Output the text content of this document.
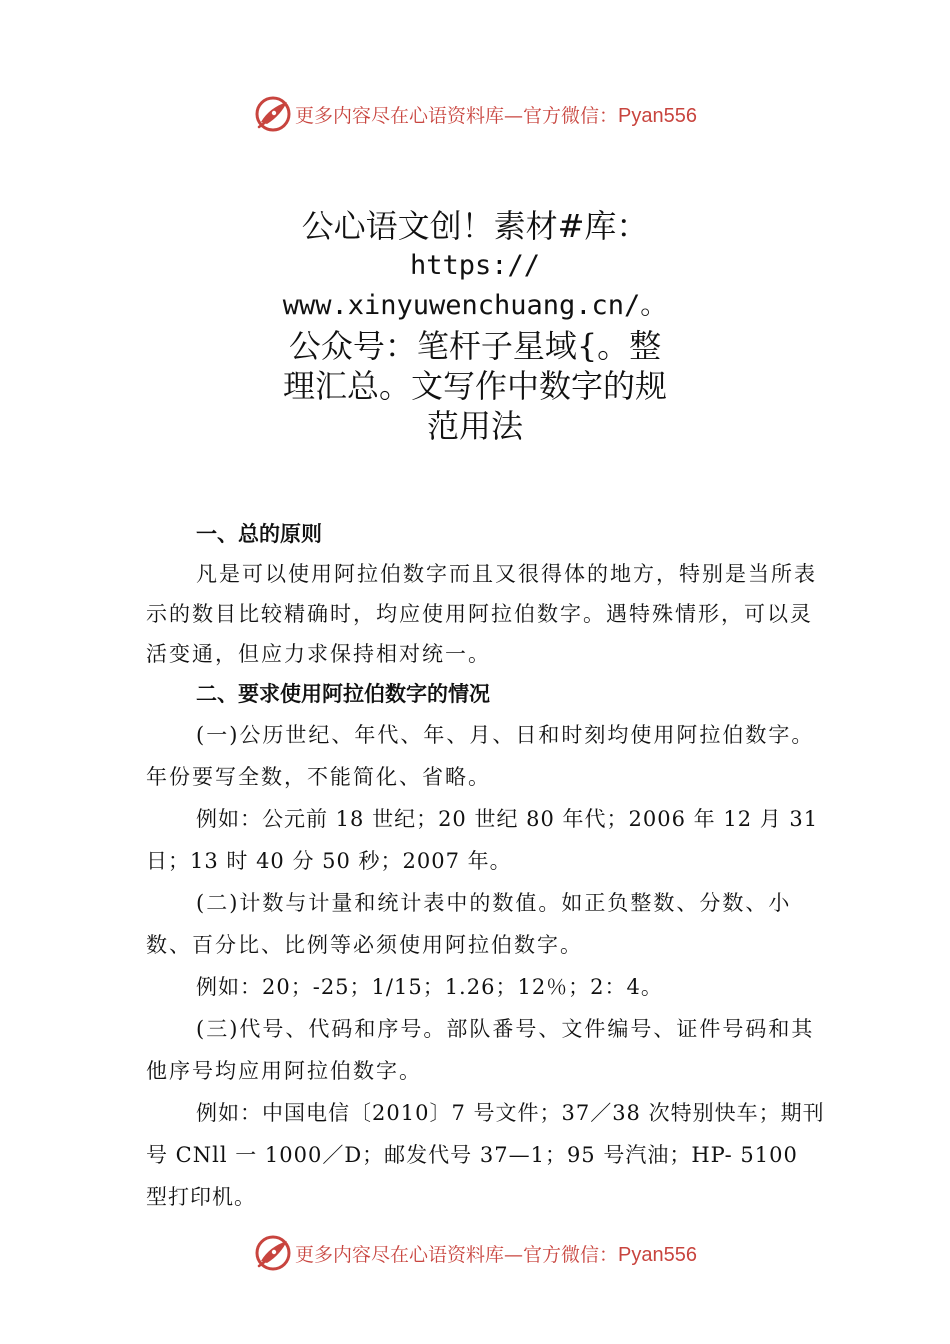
更多内容尽在心语资料库—官方微信：Pyan556
公心语文创！素材#库：
https://
www.xinyuwenchuang.cn/。
公众号：笔杆子星域{。整
理汇总。文写作中数字的规
范用法
一、总的原则

凡是可以使用阿拉伯数字而且又很得体的地方，特别是当所表示的数目比较精确时，均应使用阿拉伯数字。遇特殊情形，可以灵活变通，但应力求保持相对统一。

二、要求使用阿拉伯数字的情况

(一)公历世纪、年代、年、月、日和时刻均使用阿拉伯数字。年份要写全数，不能简化、省略。

例如：公元前 18 世纪；20 世纪 80 年代；2006 年 12 月 31 日；13 时 40 分 50 秒；2007 年。

(二)计数与计量和统计表中的数值。如正负整数、分数、小数、百分比、比例等必须使用阿拉伯数字。

例如：20；-25；1/15；1.26；12％；2：4。

(三)代号、代码和序号。部队番号、文件编号、证件号码和其他序号均应用阿拉伯数字。

例如：中国电信〔2010〕7 号文件；37／38 次特别快车；期刊号 CNll 一 1000／D；邮发代号 37—1；95 号汽油；HP- 5100 型打印机。

更多内容尽在心语资料库—官方微信：Pyan556
